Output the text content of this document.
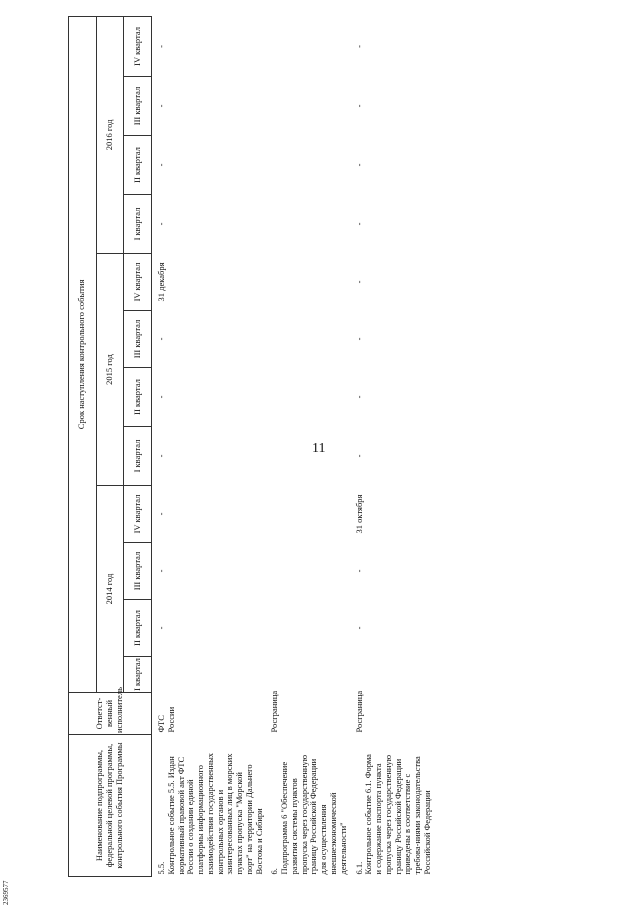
11
2369577
Наименование подпрограммы, федеральной целевой программы, контрольного события Программы	Ответст-венный исполнитель	Срок наступления контрольного события											
		2014 год				2015 год				2016 год			
		I квартал	II квартал	III квартал	IV квартал	I квартал	II квартал	III квартал	IV квартал	I квартал	II квартал	III квартал	IV квартал
5.5.Контрольное событие 5.5. Издан нормативный правовой акт ФТС России о создании единой платформы информационного взаимодействия государственных контрольных органов и заинтересованных лиц в морских пунктах пропуска "Морской порт" на территории Дальнего Востока и Сибири	ФТС России		-	-	-	-	-	-	31 декабря	-	-	-	-
6.Подпрограмма 6 "Обеспечение развития системы пунктов пропуска через государственную границу Российской Федерации для осуществления внешнеэкономической деятельности"	Росграница												
6.1.Контрольное событие 6.1. Форма и содержание паспорта пункта пропуска через государственную границу Российской Федерации приведены в соответствие с требова-ниями законодательства Российской Федерации	Росграница		-	-	31 октября	-	-	-	-	-	-	-	-
